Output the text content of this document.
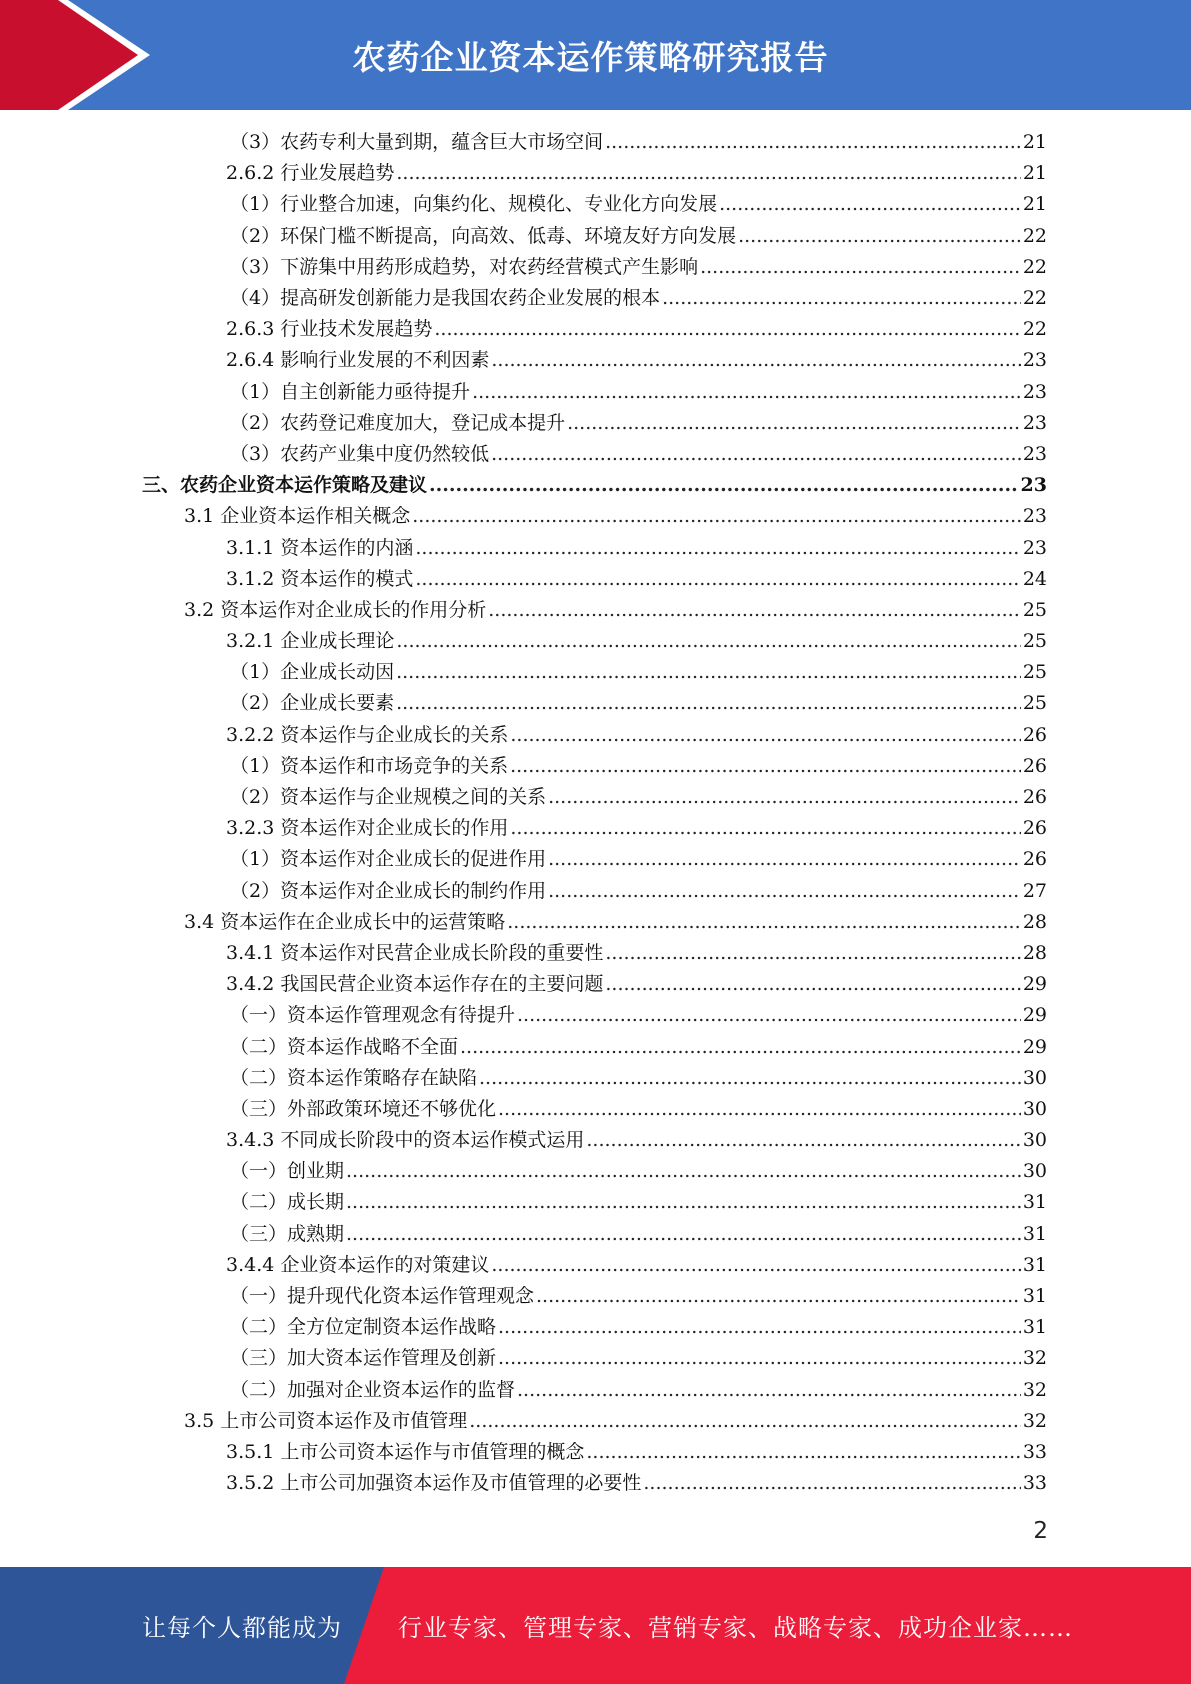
农药企业资本运作策略研究报告
（3）农药专利大量到期，蕴含巨大市场空间 .....	21
2.6.2 行业发展趋势 .....	21
（1）行业整合加速，向集约化、规模化、专业化方向发展 .....	21
（2）环保门槛不断提高，向高效、低毒、环境友好方向发展 .....	22
（3）下游集中用药形成趋势，对农药经营模式产生影响 .....	22
（4）提高研发创新能力是我国农药企业发展的根本 .....	22
2.6.3 行业技术发展趋势 .....	22
2.6.4 影响行业发展的不利因素 .....	23
（1）自主创新能力亟待提升 .....	23
（2）农药登记难度加大，登记成本提升 .....	23
（3）农药产业集中度仍然较低 .....	23
三、农药企业资本运作策略及建议 .....	23
3.1 企业资本运作相关概念 .....	23
3.1.1 资本运作的内涵 .....	23
3.1.2 资本运作的模式 .....	24
3.2 资本运作对企业成长的作用分析 .....	25
3.2.1 企业成长理论 .....	25
（1）企业成长动因 .....	25
（2）企业成长要素 .....	25
3.2.2 资本运作与企业成长的关系 .....	26
（1）资本运作和市场竞争的关系 .....	26
（2）资本运作与企业规模之间的关系 .....	26
3.2.3 资本运作对企业成长的作用 .....	26
（1）资本运作对企业成长的促进作用 .....	26
（2）资本运作对企业成长的制约作用 .....	27
3.4 资本运作在企业成长中的运营策略 .....	28
3.4.1 资本运作对民营企业成长阶段的重要性 .....	28
3.4.2 我国民营企业资本运作存在的主要问题 .....	29
（一）资本运作管理观念有待提升 .....	29
（二）资本运作战略不全面 .....	29
（二）资本运作策略存在缺陷 .....	30
（三）外部政策环境还不够优化 .....	30
3.4.3 不同成长阶段中的资本运作模式运用 .....	30
（一）创业期 .....	30
（二）成长期 .....	31
（三）成熟期 .....	31
3.4.4 企业资本运作的对策建议 .....	31
（一）提升现代化资本运作管理观念 .....	31
（二）全方位定制资本运作战略 .....	31
（三）加大资本运作管理及创新 .....	32
（二）加强对企业资本运作的监督 .....	32
3.5 上市公司资本运作及市值管理 .....	32
3.5.1 上市公司资本运作与市值管理的概念 .....	33
3.5.2 上市公司加强资本运作及市值管理的必要性 .....	33
2
让每个人都能成为 行业专家、管理专家、营销专家、战略专家、成功企业家……
